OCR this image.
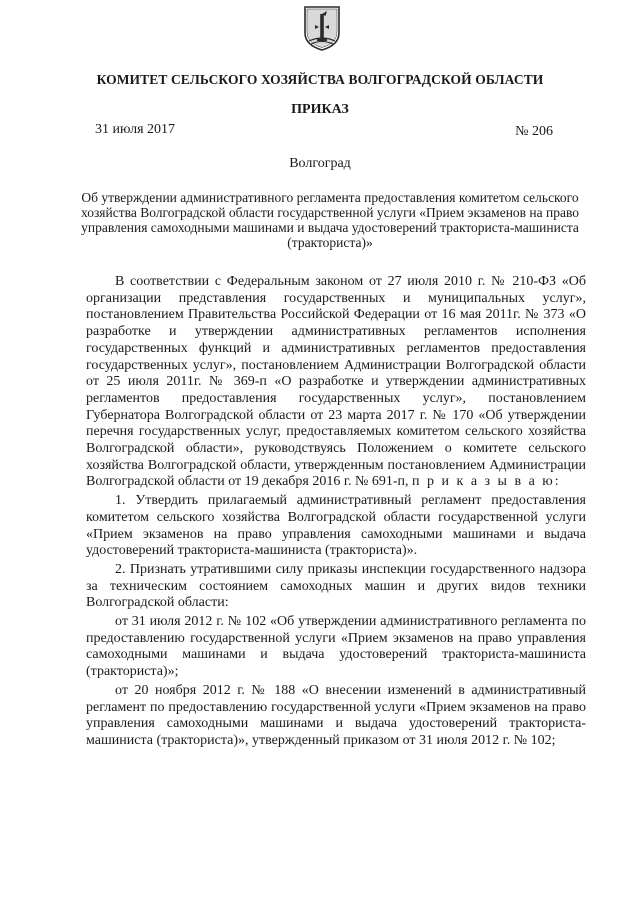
КОМИТЕТ СЕЛЬСКОГО ХОЗЯЙСТВА ВОЛГОГРАДСКОЙ ОБЛАСТИ
ПРИКАЗ
31 июля 2017	№ 206
Волгоград
Об утверждении административного регламента предоставления комитетом сельского хозяйства Волгоградской области государственной услуги «Прием экзаменов на право управления самоходными машинами и выдача удостоверений тракториста-машиниста (тракториста)»

В соответствии с Федеральным законом от 27 июля 2010 г. № 210-ФЗ «Об организации представления государственных и муниципальных услуг», постановлением Правительства Российской Федерации от 16 мая 2011г. № 373 «О разработке и утверждении административных регламентов исполнения государственных функций и административных регламентов предоставления государственных услуг», постановлением Администрации Волгоградской области от 25 июля 2011г. № 369-п «О разработке и утверждении административных регламентов предоставления государственных услуг», постановлением Губернатора Волгоградской области от 23 марта 2017 г. № 170 «Об утверждении перечня государственных услуг, предоставляемых комитетом сельского хозяйства Волгоградской области», руководствуясь Положением о комитете сельского хозяйства Волгоградской области, утвержденным постановлением Администрации Волгоградской области от 19 декабря 2016 г. № 691-п, п р и к а з ы в а ю:

1. Утвердить прилагаемый административный регламент предоставления комитетом сельского хозяйства Волгоградской области государственной услуги «Прием экзаменов на право управления самоходными машинами и выдача удостоверений тракториста-машиниста (тракториста)».

2. Признать утратившими силу приказы инспекции государственного надзора за техническим состоянием самоходных машин и других видов техники Волгоградской области:

от 31 июля 2012 г. № 102 «Об утверждении административного регламента по предоставлению государственной услуги «Прием экзаменов на право управления самоходными машинами и выдача удостоверений тракториста-машиниста (тракториста)»;

от 20 ноября 2012 г. № 188 «О внесении изменений в административный регламент по предоставлению государственной услуги «Прием экзаменов на право управления самоходными машинами и выдача удостоверений тракториста-машиниста (тракториста)», утвержденный приказом от 31 июля 2012 г. № 102;
